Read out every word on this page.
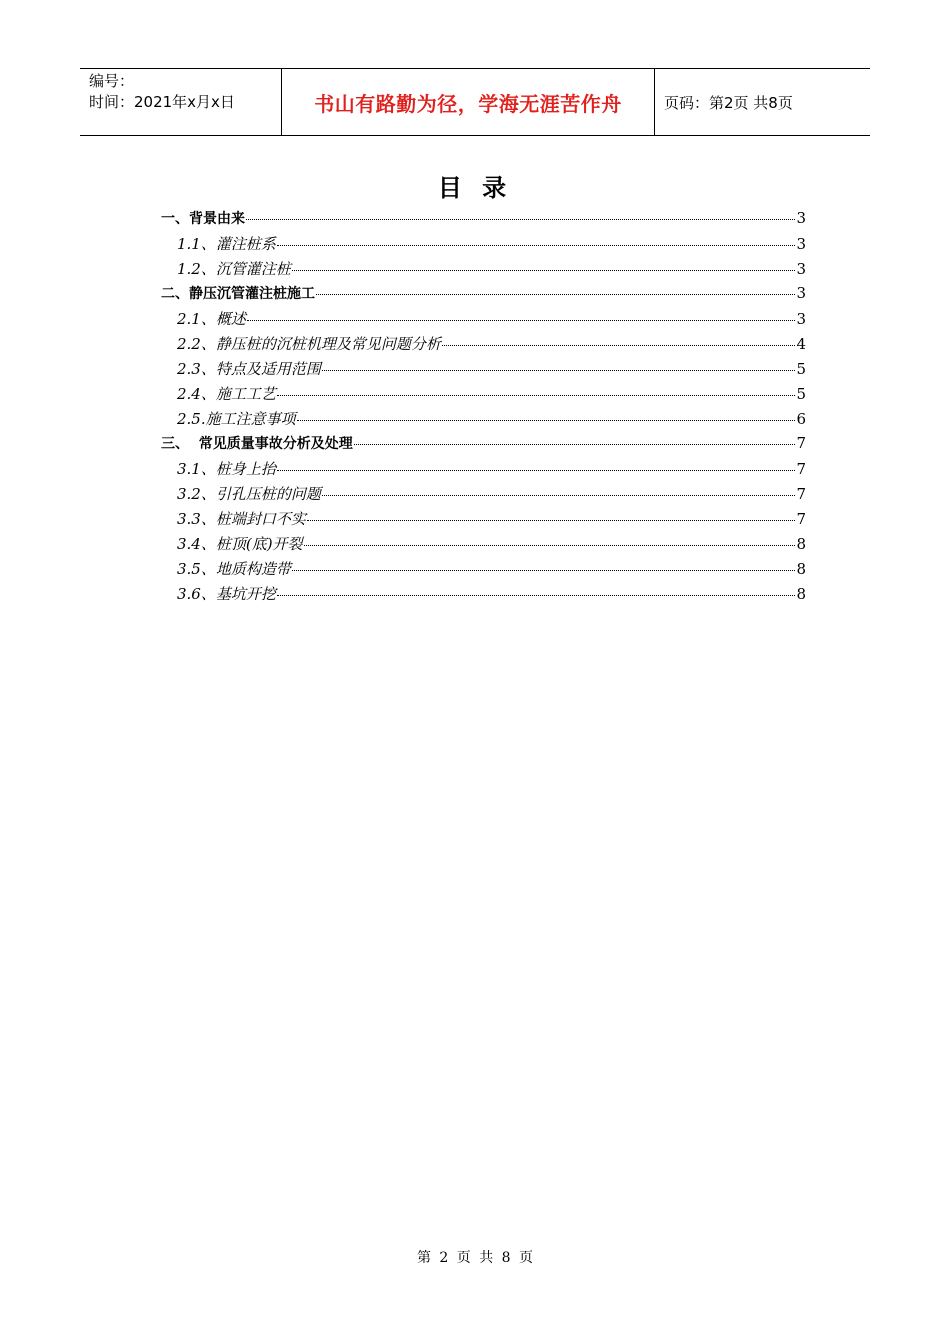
编号：
时间：2021年x月x日	书山有路勤为径，学海无涯苦作舟	页码：第2页 共8页
目 录
一、背景由来	3
1.1、灌注桩系	3
1.2、沉管灌注桩	3
二、静压沉管灌注桩施工	3
2.1、概述	3
2.2、静压桩的沉桩机理及常见问题分析	4
2.3、特点及适用范围	5
2.4、施工工艺	5
2.5.施工注意事项	6
三、  常见质量事故分析及处理	7
3.1、桩身上抬	7
3.2、引孔压桩的问题	7
3.3、桩端封口不实	7
3.4、桩顶(底)开裂	8
3.5、地质构造带	8
3.6、基坑开挖	8
第 2 页 共 8 页
